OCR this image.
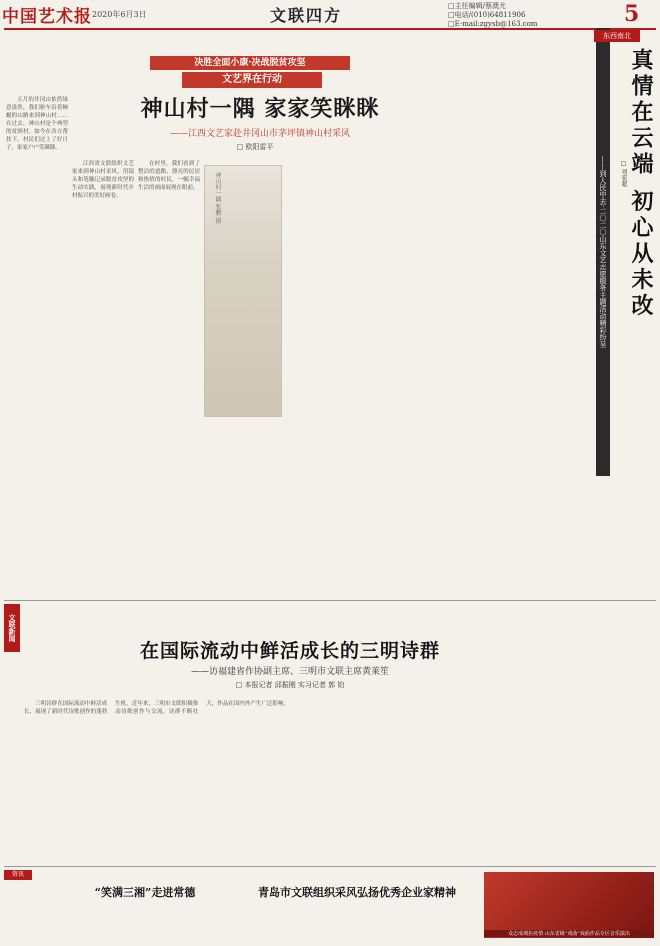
中国艺术报 2020年6月3日	文联四方	□主任编辑/蔡澳尤
□电话/(010)64811906
□E-mail:zgysb@163.com	5
决胜全面小康·决战脱贫攻坚
文艺界在行动
神山村一隅 家家笑眯眯
——江西文艺家赴井冈山市茅坪镇神山村采风
□ 欧阳雷平

五月的井冈山依然绿意盎然，我们驱车沿着蜿蜒的山路来到神山村……在过去，神山村是个典型的贫困村，如今在各方帮扶下，村民们过上了好日子，家家户户笑眯眯。

江西省文联组织文艺家来到神山村采风，用镜头和笔触记录脱贫攻坚的生动实践，展现新时代乡村振兴的美好画卷。

在村里，我们看到了整洁的道路、漂亮的民居和热情的村民，一幅幸福生活的画面展现在眼前。	神山村一隅 张鹏 摄	——到人民中去·二〇二〇山东文艺志愿服务主题活动精彩纷呈
东西南北
真情在云端 初心从未改
□ 刘宏超
文联新闻
在国际流动中鲜活成长的三明诗群
——访福建省作协副主席、三明市文联主席黄莱笙
□ 本报记者 邱振刚 实习记者 郭 铂

三明诗群在国际流动中鲜活成长，展现了新时代诗歌创作的蓬勃生机。近年来，三明市文联积极推动诗歌创作与交流，诗群不断壮大，作品在国内外产生广泛影响。

资讯
“笑满三湘”走进常德	青岛市文联组织采风弘扬优秀企业家精神
众志成城抗疫情·山东省级“戏曲”戏曲作品专区音乐演出
